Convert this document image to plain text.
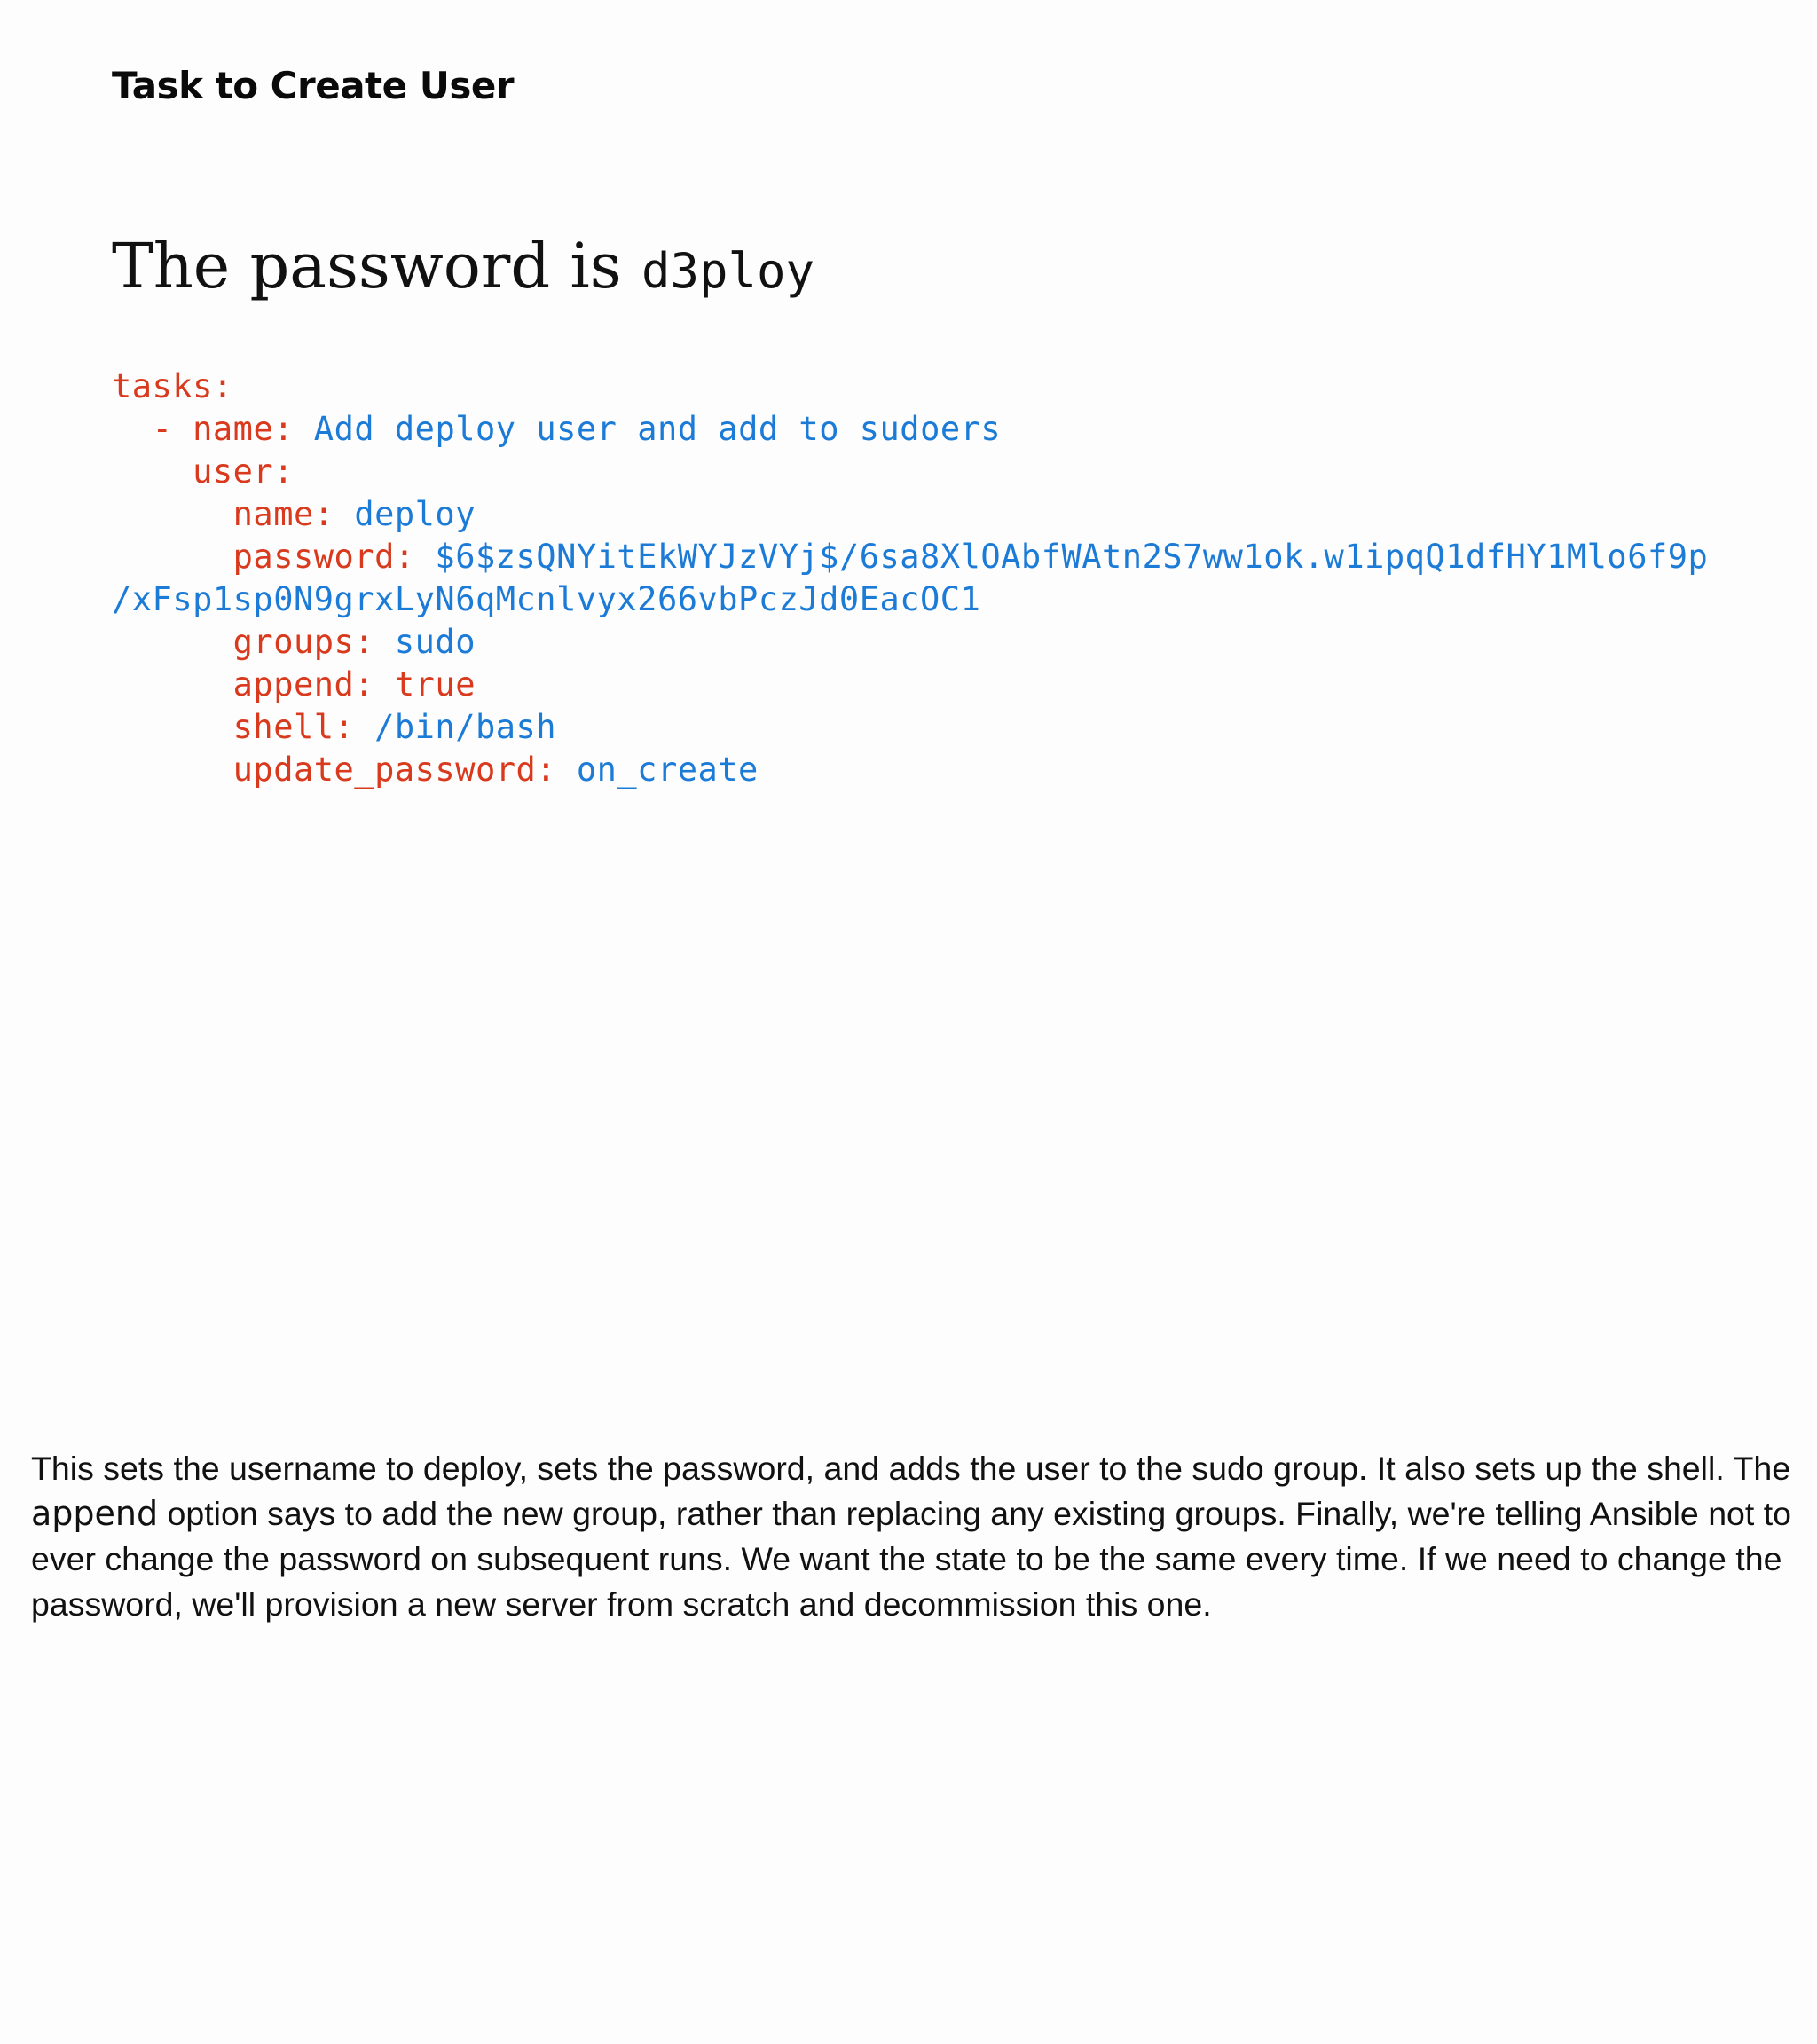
Task to Create User
The password is d3ploy
tasks:
- name: Add deploy user and add to sudoers
user:
name: deploy
password: $6$zsQNYitEkWYJzVYj$/6sa8XlOAbfWAtn2S7ww1ok.w1ipqQ1dfHY1Mlo6f9p
/xFsp1sp0N9grxLyN6qMcnlvyx266vbPczJd0EacOC1
groups: sudo
append: true
shell: /bin/bash
update_password: on_create

This sets the username to deploy, sets the password, and adds the user to the sudo group. It also sets up the shell. The append option says to add the new group, rather than replacing any existing groups. Finally, we're telling Ansible not to ever change the password on subsequent runs. We want the state to be the same every time. If we need to change the password, we'll provision a new server from scratch and decommission this one.
